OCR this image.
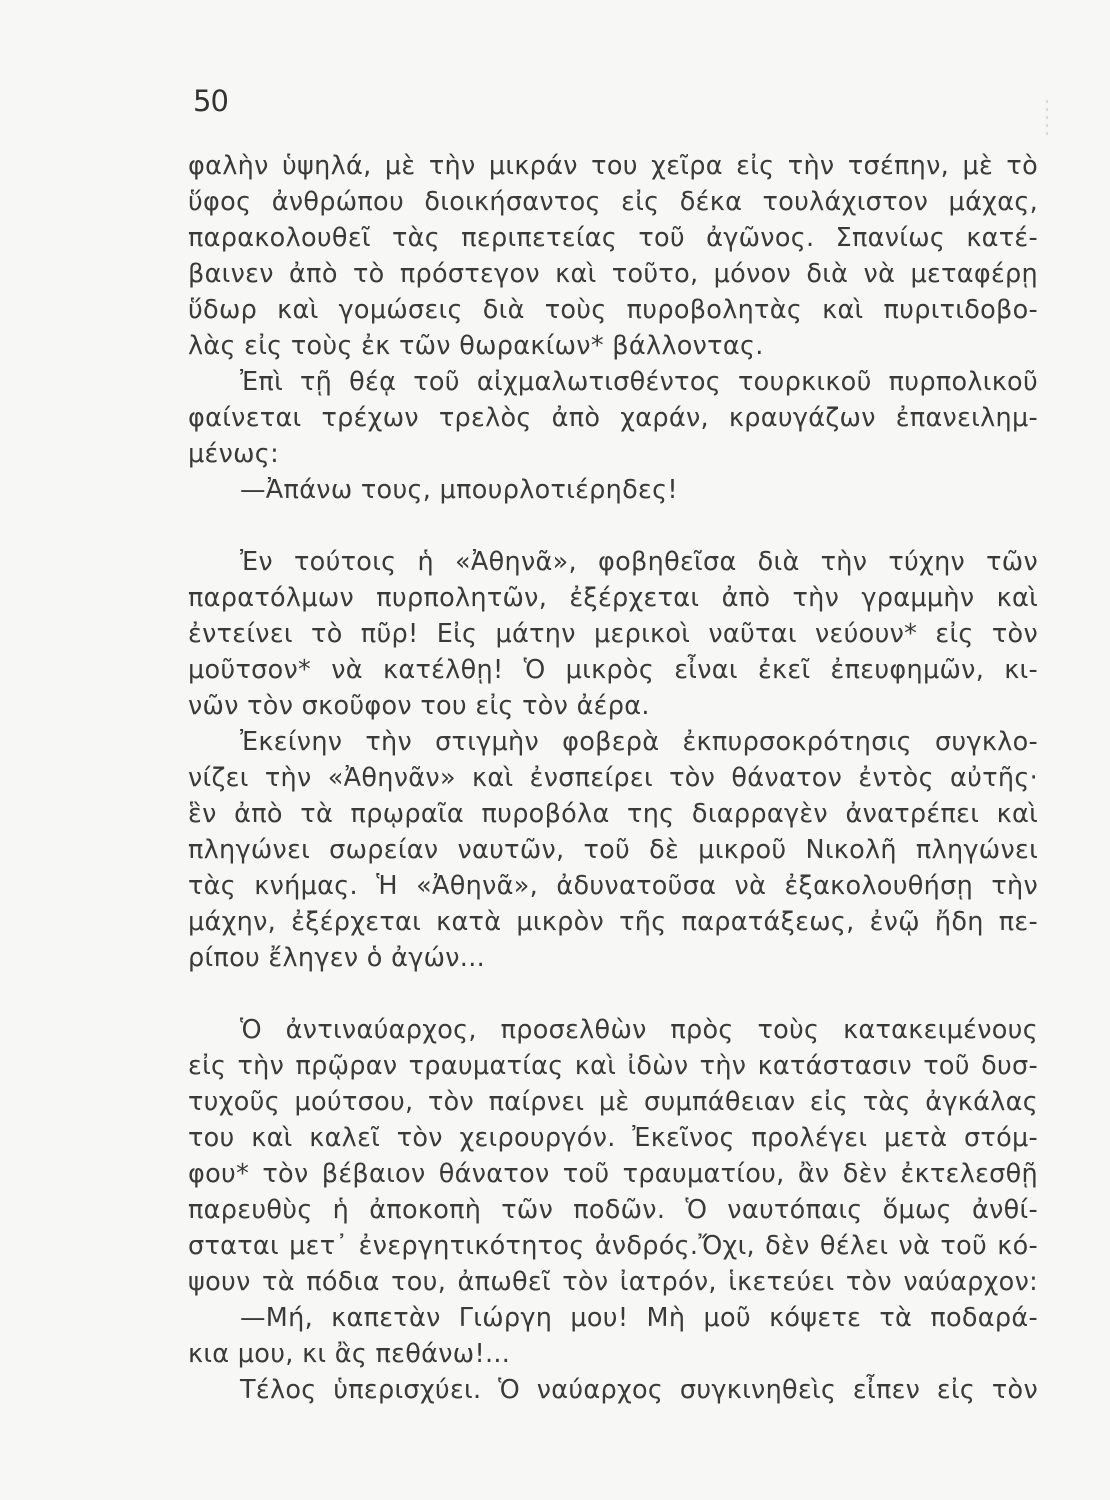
50
φαλὴν ὑψηλά, μὲ τὴν μικράν του χεῖρα εἰς τὴν τσέπην, μὲ τὸ
ὕφος ἀνθρώπου διοικήσαντος εἰς δέκα τουλάχιστον μάχας,
παρακολουθεῖ τὰς περιπετείας τοῦ ἀγῶνος. Σπανίως κατέ-
βαινεν ἀπὸ τὸ πρόστεγον καὶ τοῦτο, μόνον διὰ νὰ μεταφέρῃ
ὕδωρ καὶ γομώσεις διὰ τοὺς πυροβολητὰς καὶ πυριτιδοβο-
λὰς εἰς τοὺς ἐκ τῶν θωρακίων* βάλλοντας.
Ἐπὶ τῇ θέᾳ τοῦ αἰχμαλωτισθέντος τουρκικοῦ πυρπολικοῦ
φαίνεται τρέχων τρελὸς ἀπὸ χαράν, κραυγάζων ἐπανειλημ-
μένως:
—Ἀπάνω τους, μπουρλοτιέρηδες!
Ἐν τούτοις ἡ «Ἀθηνᾶ», φοβηθεῖσα διὰ τὴν τύχην τῶν
παρατόλμων πυρπολητῶν, ἐξέρχεται ἀπὸ τὴν γραμμὴν καὶ
ἐντείνει τὸ πῦρ! Εἰς μάτην μερικοὶ ναῦται νεύουν* εἰς τὸν
μοῦτσον* νὰ κατέλθῃ! Ὁ μικρὸς εἶναι ἐκεῖ ἐπευφημῶν, κι-
νῶν τὸν σκοῦφον του εἰς τὸν ἀέρα.
Ἐκείνην τὴν στιγμὴν φοβερὰ ἐκπυρσοκρότησις συγκλο-
νίζει τὴν «Ἀθηνᾶν» καὶ ἐνσπείρει τὸν θάνατον ἐντὸς αὐτῆς·
ἓν ἀπὸ τὰ πρῳραῖα πυροβόλα της διαρραγὲν ἀνατρέπει καὶ
πληγώνει σωρείαν ναυτῶν, τοῦ δὲ μικροῦ Νικολῆ πληγώνει
τὰς κνήμας. Ἡ «Ἀθηνᾶ», ἀδυνατοῦσα νὰ ἐξακολουθήσῃ τὴν
μάχην, ἐξέρχεται κατὰ μικρὸν τῆς παρατάξεως, ἐνῷ ἤδη πε-
ρίπου ἔληγεν ὁ ἀγών...
Ὁ ἀντιναύαρχος, προσελθὼν πρὸς τοὺς κατακειμένους
εἰς τὴν πρῷραν τραυματίας καὶ ἰδὼν τὴν κατάστασιν τοῦ δυσ-
τυχοῦς μούτσου, τὸν παίρνει μὲ συμπάθειαν εἰς τὰς ἀγκάλας
του καὶ καλεῖ τὸν χειρουργόν. Ἐκεῖνος προλέγει μετὰ στόμ-
φου* τὸν βέβαιον θάνατον τοῦ τραυματίου, ἂν δὲν ἐκτελεσθῇ
παρευθὺς ἡ ἀποκοπὴ τῶν ποδῶν. Ὁ ναυτόπαις ὅμως ἀνθί-
σταται μετ᾽ ἐνεργητικότητος ἀνδρός.Ὄχι, δὲν θέλει νὰ τοῦ κό-
ψουν τὰ πόδια του, ἀπωθεῖ τὸν ἰατρόν, ἱκετεύει τὸν ναύαρχον:
—Μή, καπετὰν Γιώργη μου! Μὴ μοῦ κόψετε τὰ ποδαρά-
κια μου, κι ἂς πεθάνω!...
Τέλος ὑπερισχύει. Ὁ ναύαρχος συγκινηθεὶς εἶπεν εἰς τὸν
